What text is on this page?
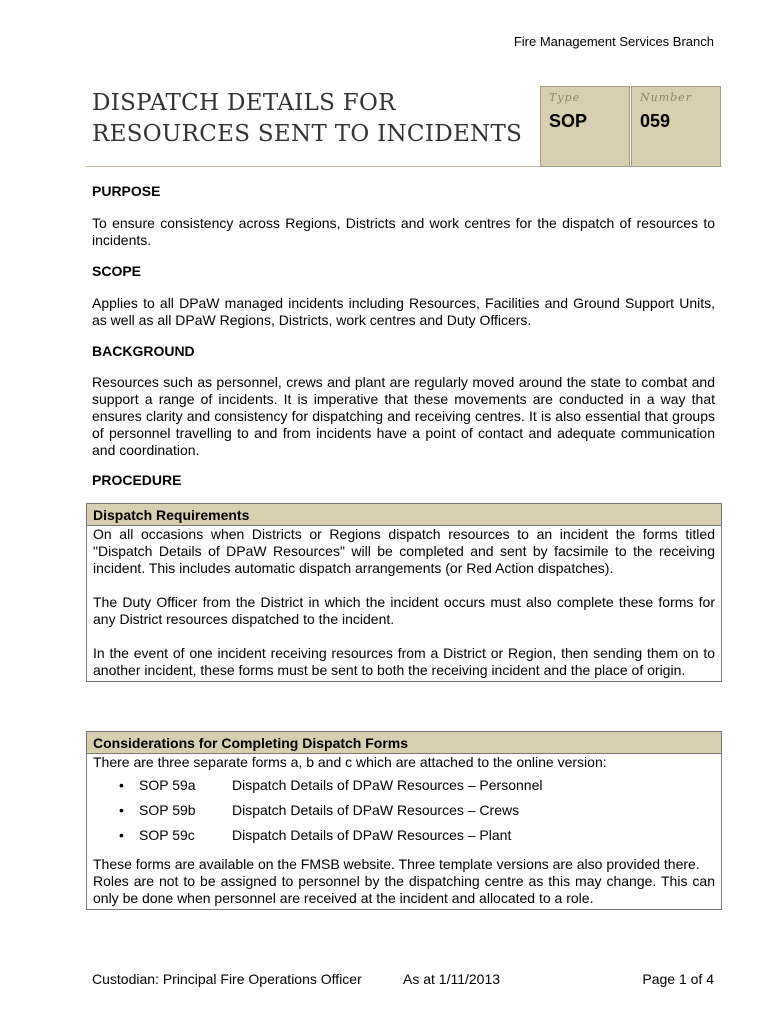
Fire Management Services Branch
DISPATCH DETAILS FOR
RESOURCES SENT TO INCIDENTS
Type
SOP
Number
059
PURPOSE
To ensure consistency across Regions, Districts and work centres for the dispatch of resources to incidents.
SCOPE
Applies to all DPaW managed incidents including Resources, Facilities and Ground Support Units, as well as all DPaW Regions, Districts, work centres and Duty Officers.
BACKGROUND
Resources such as personnel, crews and plant are regularly moved around the state to combat and support a range of incidents. It is imperative that these movements are conducted in a way that ensures clarity and consistency for dispatching and receiving centres. It is also essential that groups of personnel travelling to and from incidents have a point of contact and adequate communication and coordination.
PROCEDURE
Dispatch Requirements

On all occasions when Districts or Regions dispatch resources to an incident the forms titled "Dispatch Details of DPaW Resources" will be completed and sent by facsimile to the receiving incident. This includes automatic dispatch arrangements (or Red Action dispatches).

The Duty Officer from the District in which the incident occurs must also complete these forms for any District resources dispatched to the incident.

In the event of one incident receiving resources from a District or Region, then sending them on to another incident, these forms must be sent to both the receiving incident and the place of origin.

Considerations for Completing Dispatch Forms
There are three separate forms a, b and c which are attached to the online version:
• SOP 59a	Dispatch Details of DPaW Resources – Personnel
• SOP 59b	Dispatch Details of DPaW Resources – Crews
• SOP 59c	Dispatch Details of DPaW Resources – Plant
These forms are available on the FMSB website. Three template versions are also provided there.
Roles are not to be assigned to personnel by the dispatching centre as this may change. This can only be done when personnel are received at the incident and allocated to a role.
Custodian: Principal Fire Operations Officer	As at 1/11/2013	Page 1 of 4
